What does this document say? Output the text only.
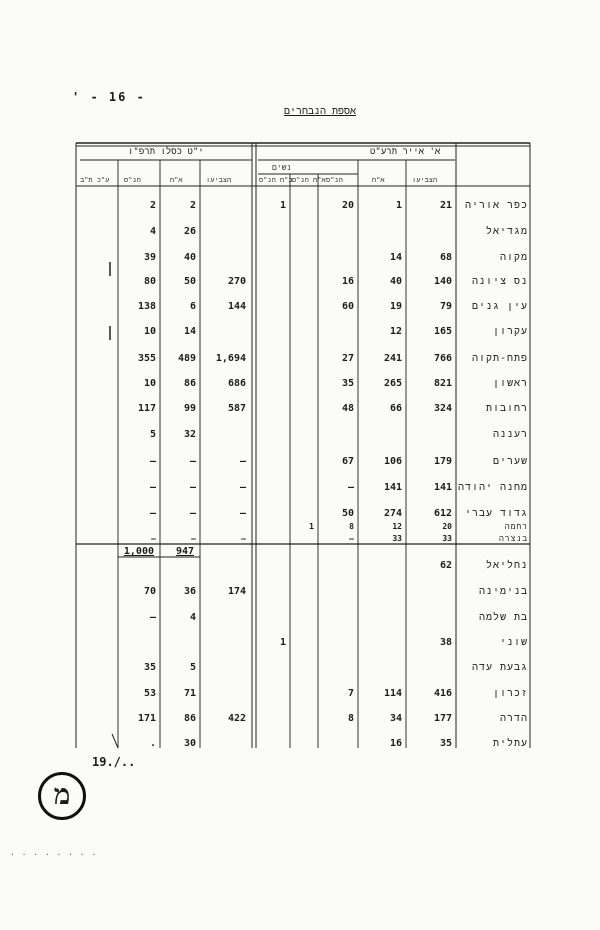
' - 16 -
אספת הנבחרים
א' אייר תרע"ט
י"ט כסלו תרפ"ו
נשים
הצביעו
א"ח
הנ"ס
א"ח הנ"ס
ב"ח הנ"ס
הצביעו
א"ח
הנ"ס
ע"כ ת"ב
כפר אוריה
21
1
20
1
2
2
מגדיאל
26
4
מקוה
68
14
40
39
נס ציונה
140
40
16
270
50
80
עין גנים
79
19
60
144
6
138
עקרון
165
12
14
10
פתח-תקוה
766
241
27
1,694
489
355
ראשון
821
265
35
686
86
10
רחובות
324
66
48
587
99
117
רעננה
32
5
שערים
179
106
67
–
–
–
מחנה יהודה
141
141
–
–
–
–
גדוד עברי
612
274
50
–
–
–
רחמה
20
12
8
1
בנצרה
33
33
–
–
–
–
נחליאל
62
בנימינה
174
36
70
בת שלמה
4
–
שוני
38
1
גבעת עדה
5
35
זכרון
416
114
7
71
53
הדרה
177
34
8
422
86
171
עתלית
35
16
30
.
1,000	947
19./..
מ
· · · · · · · ·
